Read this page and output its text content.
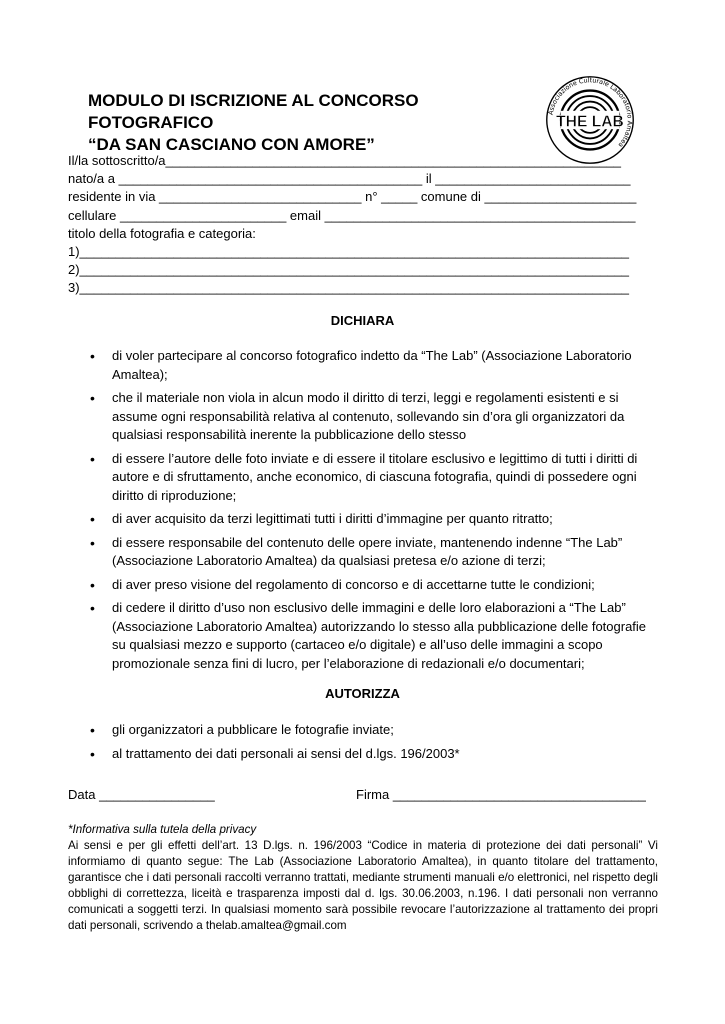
MODULO DI ISCRIZIONE AL CONCORSO FOTOGRAFICO
“DA SAN CASCIANO CON AMORE”
Associazione Culturale Laboratorio Amaltea
THE LAB
Il/la sottoscritto/a_______________________________________________________________
nato/a a __________________________________________ il ___________________________
residente in via ____________________________ n° _____ comune di _____________________
cellulare _______________________ email ___________________________________________
titolo della fotografia e categoria:
1)____________________________________________________________________________
2)____________________________________________________________________________
3)____________________________________________________________________________
DICHIARA
• di voler partecipare al concorso fotografico indetto da “The Lab” (Associazione Laboratorio Amaltea);
• che il materiale non viola in alcun modo il diritto di terzi, leggi e regolamenti esistenti e si assume ogni responsabilità relativa al contenuto, sollevando sin d’ora gli organizzatori da qualsiasi responsabilità inerente la pubblicazione dello stesso
• di essere l’autore delle foto inviate e di essere il titolare esclusivo e legittimo di tutti i diritti di autore e di sfruttamento, anche economico, di ciascuna fotografia, quindi di possedere ogni diritto di riproduzione;
• di aver acquisito da terzi legittimati tutti i diritti d’immagine per quanto ritratto;
• di essere responsabile del contenuto delle opere inviate, mantenendo indenne “The Lab” (Associazione Laboratorio Amaltea) da qualsiasi pretesa e/o azione di terzi;
• di aver preso visione del regolamento di concorso e di accettarne tutte le condizioni;
• di cedere il diritto d’uso non esclusivo delle immagini e delle loro elaborazioni a “The Lab” (Associazione Laboratorio Amaltea) autorizzando lo stesso alla pubblicazione delle fotografie su qualsiasi mezzo e supporto (cartaceo e/o digitale) e all’uso delle immagini a scopo promozionale senza fini di lucro, per l’elaborazione di redazionali e/o documentari;
AUTORIZZA
• gli organizzatori a pubblicare le fotografie inviate;
• al trattamento dei dati personali ai sensi del d.lgs. 196/2003*
Data ________________	Firma ___________________________________
*Informativa sulla tutela della privacy
Ai sensi e per gli effetti dell’art. 13 D.lgs. n. 196/2003 “Codice in materia di protezione dei dati personali” Vi informiamo di quanto segue: The Lab (Associazione Laboratorio Amaltea), in quanto titolare del trattamento, garantisce che i dati personali raccolti verranno trattati, mediante strumenti manuali e/o elettronici, nel rispetto degli obblighi di correttezza, liceità e trasparenza imposti dal d. lgs. 30.06.2003, n.196. I dati personali non verranno comunicati a soggetti terzi. In qualsiasi momento sarà possibile revocare l’autorizzazione al trattamento dei propri dati personali, scrivendo a thelab.amaltea@gmail.com
